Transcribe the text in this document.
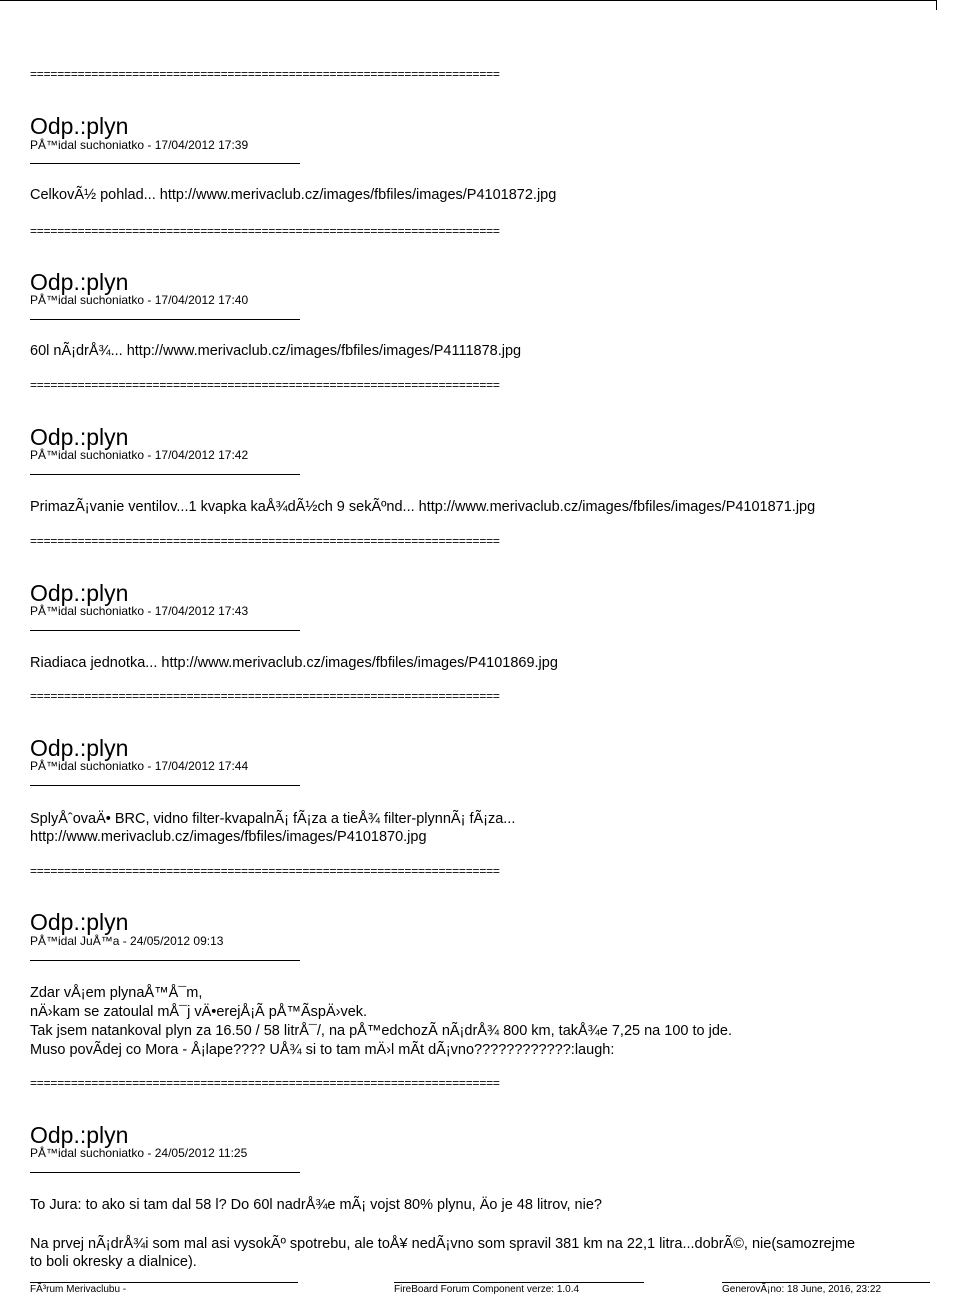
=====================================================================
Odp.:plyn
PÅ™idal suchoniatko - 17/04/2012 17:39
CelkovÃ½ pohlad... http://www.merivaclub.cz/images/fbfiles/images/P4101872.jpg
=====================================================================
Odp.:plyn
PÅ™idal suchoniatko - 17/04/2012 17:40
60l nÃ¡drÅ¾... http://www.merivaclub.cz/images/fbfiles/images/P4111878.jpg
=====================================================================
Odp.:plyn
PÅ™idal suchoniatko - 17/04/2012 17:42
PrimazÃ¡vanie ventilov...1 kvapka kaÅ¾dÃ½ch 9 sekÃºnd... http://www.merivaclub.cz/images/fbfiles/images/P4101871.jpg
=====================================================================
Odp.:plyn
PÅ™idal suchoniatko - 17/04/2012 17:43
Riadiaca jednotka... http://www.merivaclub.cz/images/fbfiles/images/P4101869.jpg
=====================================================================
Odp.:plyn
PÅ™idal suchoniatko - 17/04/2012 17:44
SplyÅˆovaÄ• BRC, vidno filter-kvapalnÃ¡ fÃ¡za a tieÅ¾ filter-plynnÃ¡ fÃ¡za...
http://www.merivaclub.cz/images/fbfiles/images/P4101870.jpg
=====================================================================
Odp.:plyn
PÅ™idal JuÅ™a - 24/05/2012 09:13
Zdar vÅ¡em plynaÅ™Å¯m,
nÄ›kam se zatoulal mÅ¯j vÄ•erejÅ¡Ã pÅ™ÃspÄ›vek.
Tak jsem natankoval plyn za 16.50 / 58 litrÅ¯/, na pÅ™edchozÃ nÃ¡drÅ¾ 800 km, takÅ¾e 7,25 na 100 to jde.
Muso povÃdej co Mora - Å¡lape???? UÅ¾ si to tam mÄ›l mÃt dÃ¡vno????????????:laugh:
=====================================================================
Odp.:plyn
PÅ™idal suchoniatko - 24/05/2012 11:25
To Jura: to ako si tam dal 58 l? Do 60l nadrÅ¾e mÃ¡ vojst 80% plynu, Äo je 48 litrov, nie?
Na prvej nÃ¡drÅ¾i som mal asi vysokÃº spotrebu, ale toÅ¥ nedÃ¡vno som spravil 381 km na 22,1 litra...dobrÃ©, nie(samozrejme
to boli okresky a dialnice).
FÃ³rum Merivaclubu -	FireBoard Forum Component verze: 1.0.4	GenerovÃ¡no: 18 June, 2016, 23:22
